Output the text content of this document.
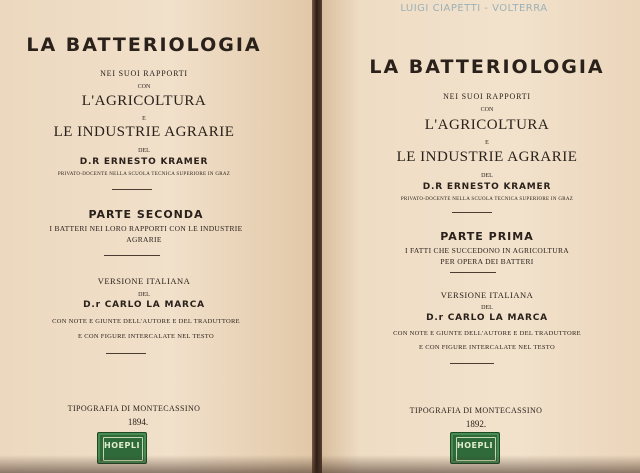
LA BATTERIOLOGIA
NEI SUOI RAPPORTI
CON
L'AGRICOLTURA
E
LE INDUSTRIE AGRARIE
DEL
D.R ERNESTO KRAMER
PRIVATO-DOCENTE NELLA SCUOLA TECNICA SUPERIORE IN GRAZ
PARTE SECONDA
I BATTERI NEI LORO RAPPORTI CON LE INDUSTRIE
AGRARIE
VERSIONE ITALIANA
DEL
D.r CARLO LA MARCA
CON NOTE E GIUNTE DELL'AUTORE E DEL TRADUTTORE
E CON FIGURE INTERCALATE NEL TESTO
TIPOGRAFIA DI MONTECASSINO
1894.
HOEPLI
LUIGI CIAPETTI - VOLTERRA
LA BATTERIOLOGIA
NEI SUOI RAPPORTI
CON
L'AGRICOLTURA
E
LE INDUSTRIE AGRARIE
DEL
D.R ERNESTO KRAMER
PRIVATO-DOCENTE NELLA SCUOLA TECNICA SUPERIORE IN GRAZ
PARTE PRIMA
I FATTI CHE SUCCEDONO IN AGRICOLTURA
PER OPERA DEI BATTERI
VERSIONE ITALIANA
DEL
D.r CARLO LA MARCA
CON NOTE E GIUNTE DELL'AUTORE E DEL TRADUTTORE
E CON FIGURE INTERCALATE NEL TESTO
TIPOGRAFIA DI MONTECASSINO
1892.
HOEPLI
